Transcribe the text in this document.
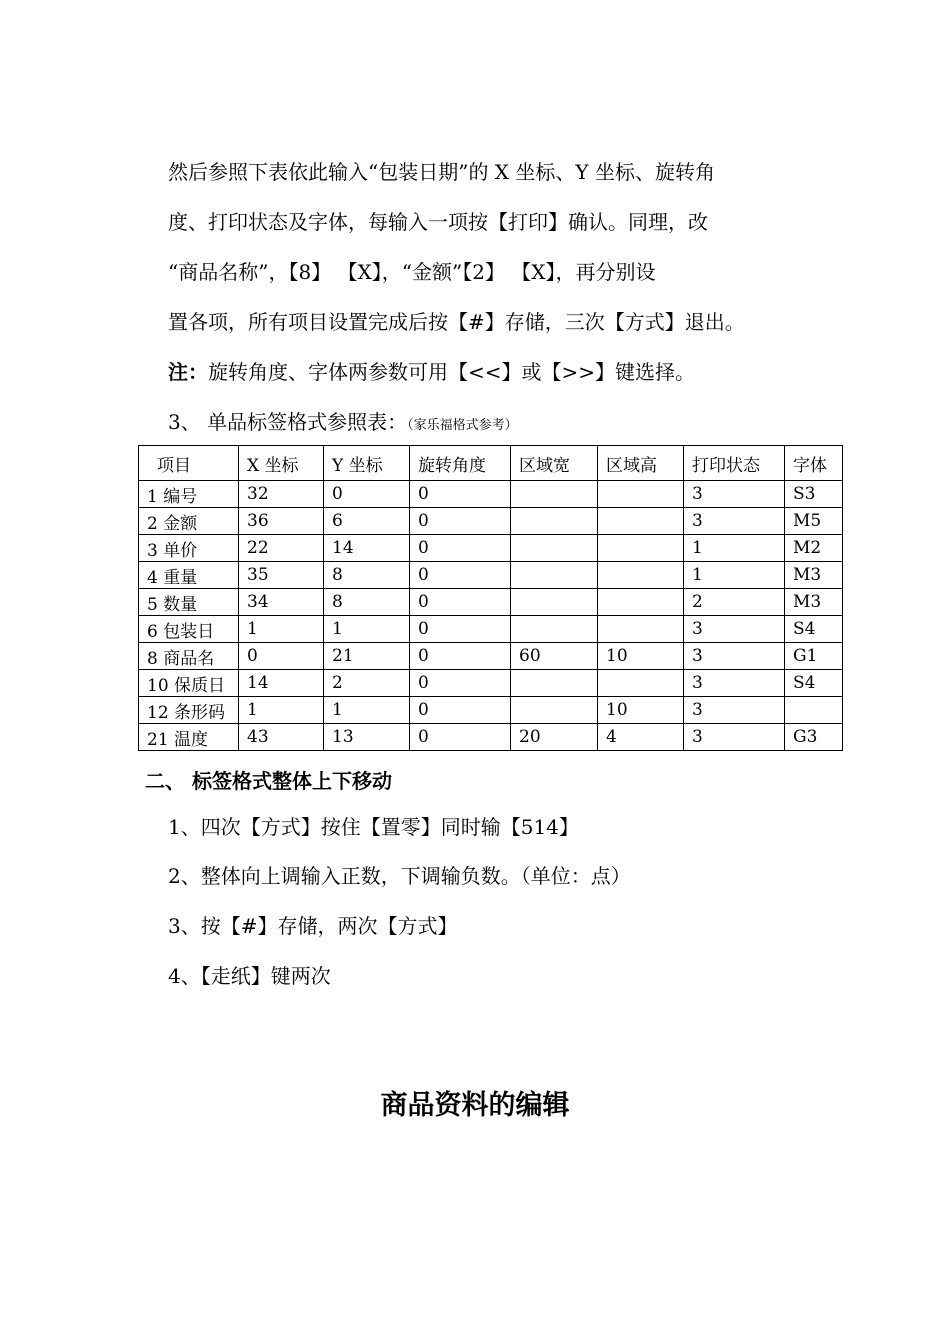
然后参照下表依此输入“包装日期”的 X 坐标、Y 坐标、旋转角
度、打印状态及字体，每输入一项按【打印】确认。同理，改
“商品名称”，【8】 【X】，“金额”【2】 【X】，再分别设
置各项，所有项目设置完成后按【#】存储，三次【方式】退出。
注：旋转角度、字体两参数可用【<<】或【>>】键选择。
3、 单品标签格式参照表：（家乐福格式参考）
项目	X 坐标	Y 坐标	旋转角度	区域宽	区域高	打印状态	字体
1 编号	32	0	0			3	S3
2 金额	36	6	0			3	M5
3 单价	22	14	0			1	M2
4 重量	35	8	0			1	M3
5 数量	34	8	0			2	M3
6 包装日	1	1	0			3	S4
8 商品名	0	21	0	60	10	3	G1
10 保质日	14	2	0			3	S4
12 条形码	1	1	0		10	3	
21 温度	43	13	0	20	4	3	G3
二、 标签格式整体上下移动
1、四次【方式】按住【置零】同时输【514】
2、整体向上调输入正数，下调输负数。（单位：点）
3、按【#】存储，两次【方式】
4、【走纸】键两次
商品资料的编辑
